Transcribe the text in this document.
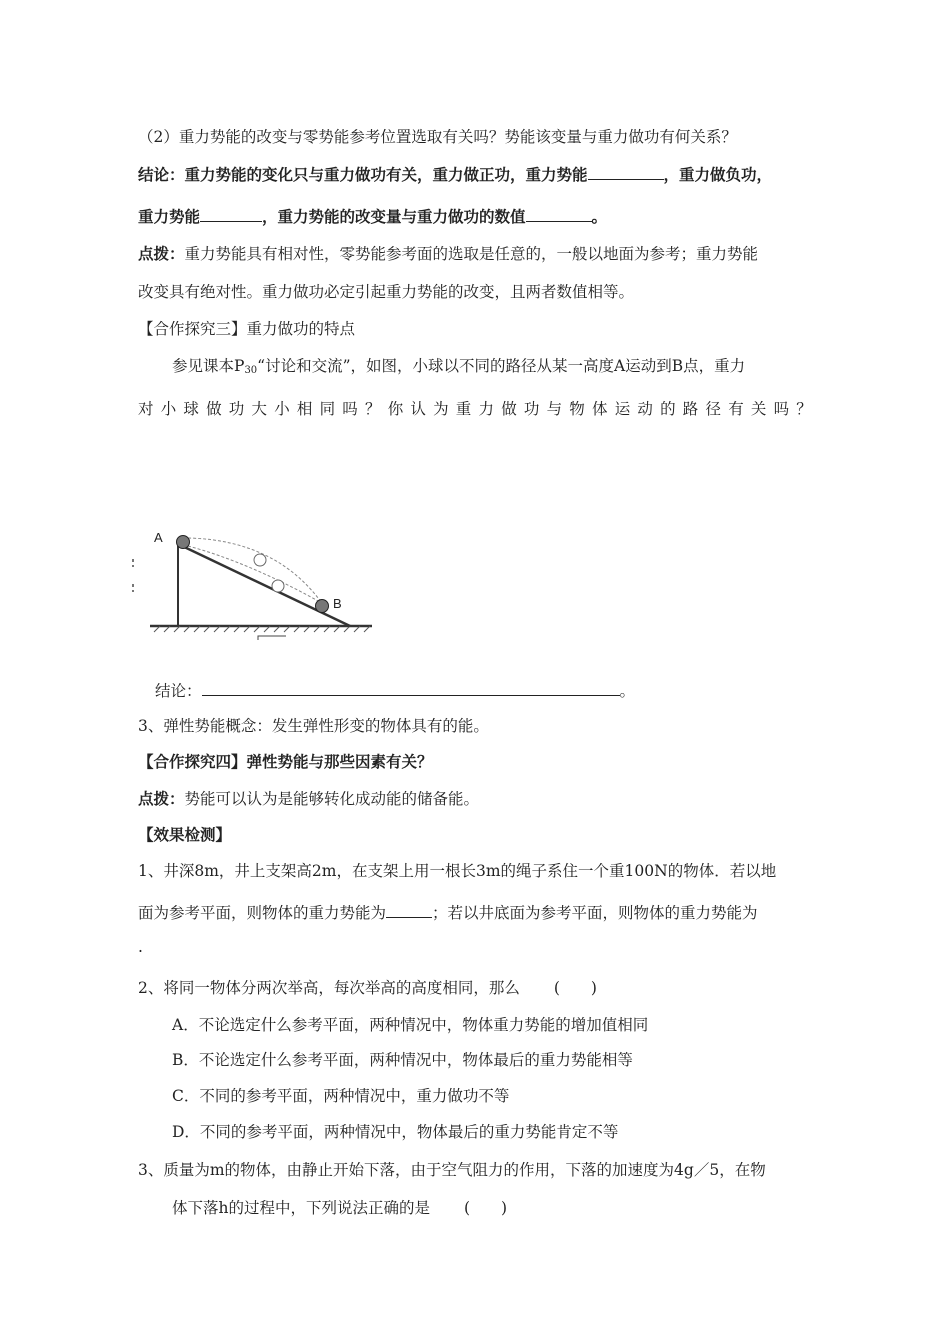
（2）重力势能的改变与零势能参考位置选取有关吗？势能该变量与重力做功有何关系？
结论：重力势能的变化只与重力做功有关，重力做正功，重力势能	，重力做负功，
重力势能	，重力势能的改变量与重力做功的数值	。
点拨：重力势能具有相对性，零势能参考面的选取是任意的，一般以地面为参考；重力势能
改变具有绝对性。重力做功必定引起重力势能的改变，且两者数值相等。
【合作探究三】重力做功的特点
参见课本$P_{30}“$讨论和交流”，如图，小球以不同的路径从某一高度A运动到B点，重力
对小球做功大小相同吗？你认为重力做功与物体运动的路径有关吗？
A
B
结论：	。
3、弹性势能概念：发生弹性形变的物体具有的能。
【合作探究四】弹性势能与那些因素有关？
点拨：势能可以认为是能够转化成动能的储备能。
【效果检测】
1、井深8m，井上支架高2m，在支架上用一根长3m的绳子系住一个重100N的物体．若以地
面为参考平面，则物体的重力势能为	；若以井底面为参考平面，则物体的重力势能为
.
2、将同一物体分两次举高，每次举高的高度相同，那么 (　　)
A．不论选定什么参考平面，两种情况中，物体重力势能的增加值相同
B．不论选定什么参考平面，两种情况中，物体最后的重力势能相等
C．不同的参考平面，两种情况中，重力做功不等
D．不同的参考平面，两种情况中，物体最后的重力势能肯定不等
3、质量为m的物体，由静止开始下落，由于空气阻力的作用，下落的加速度为4g／5，在物
体下落h的过程中，下列说法正确的是 (　　)
